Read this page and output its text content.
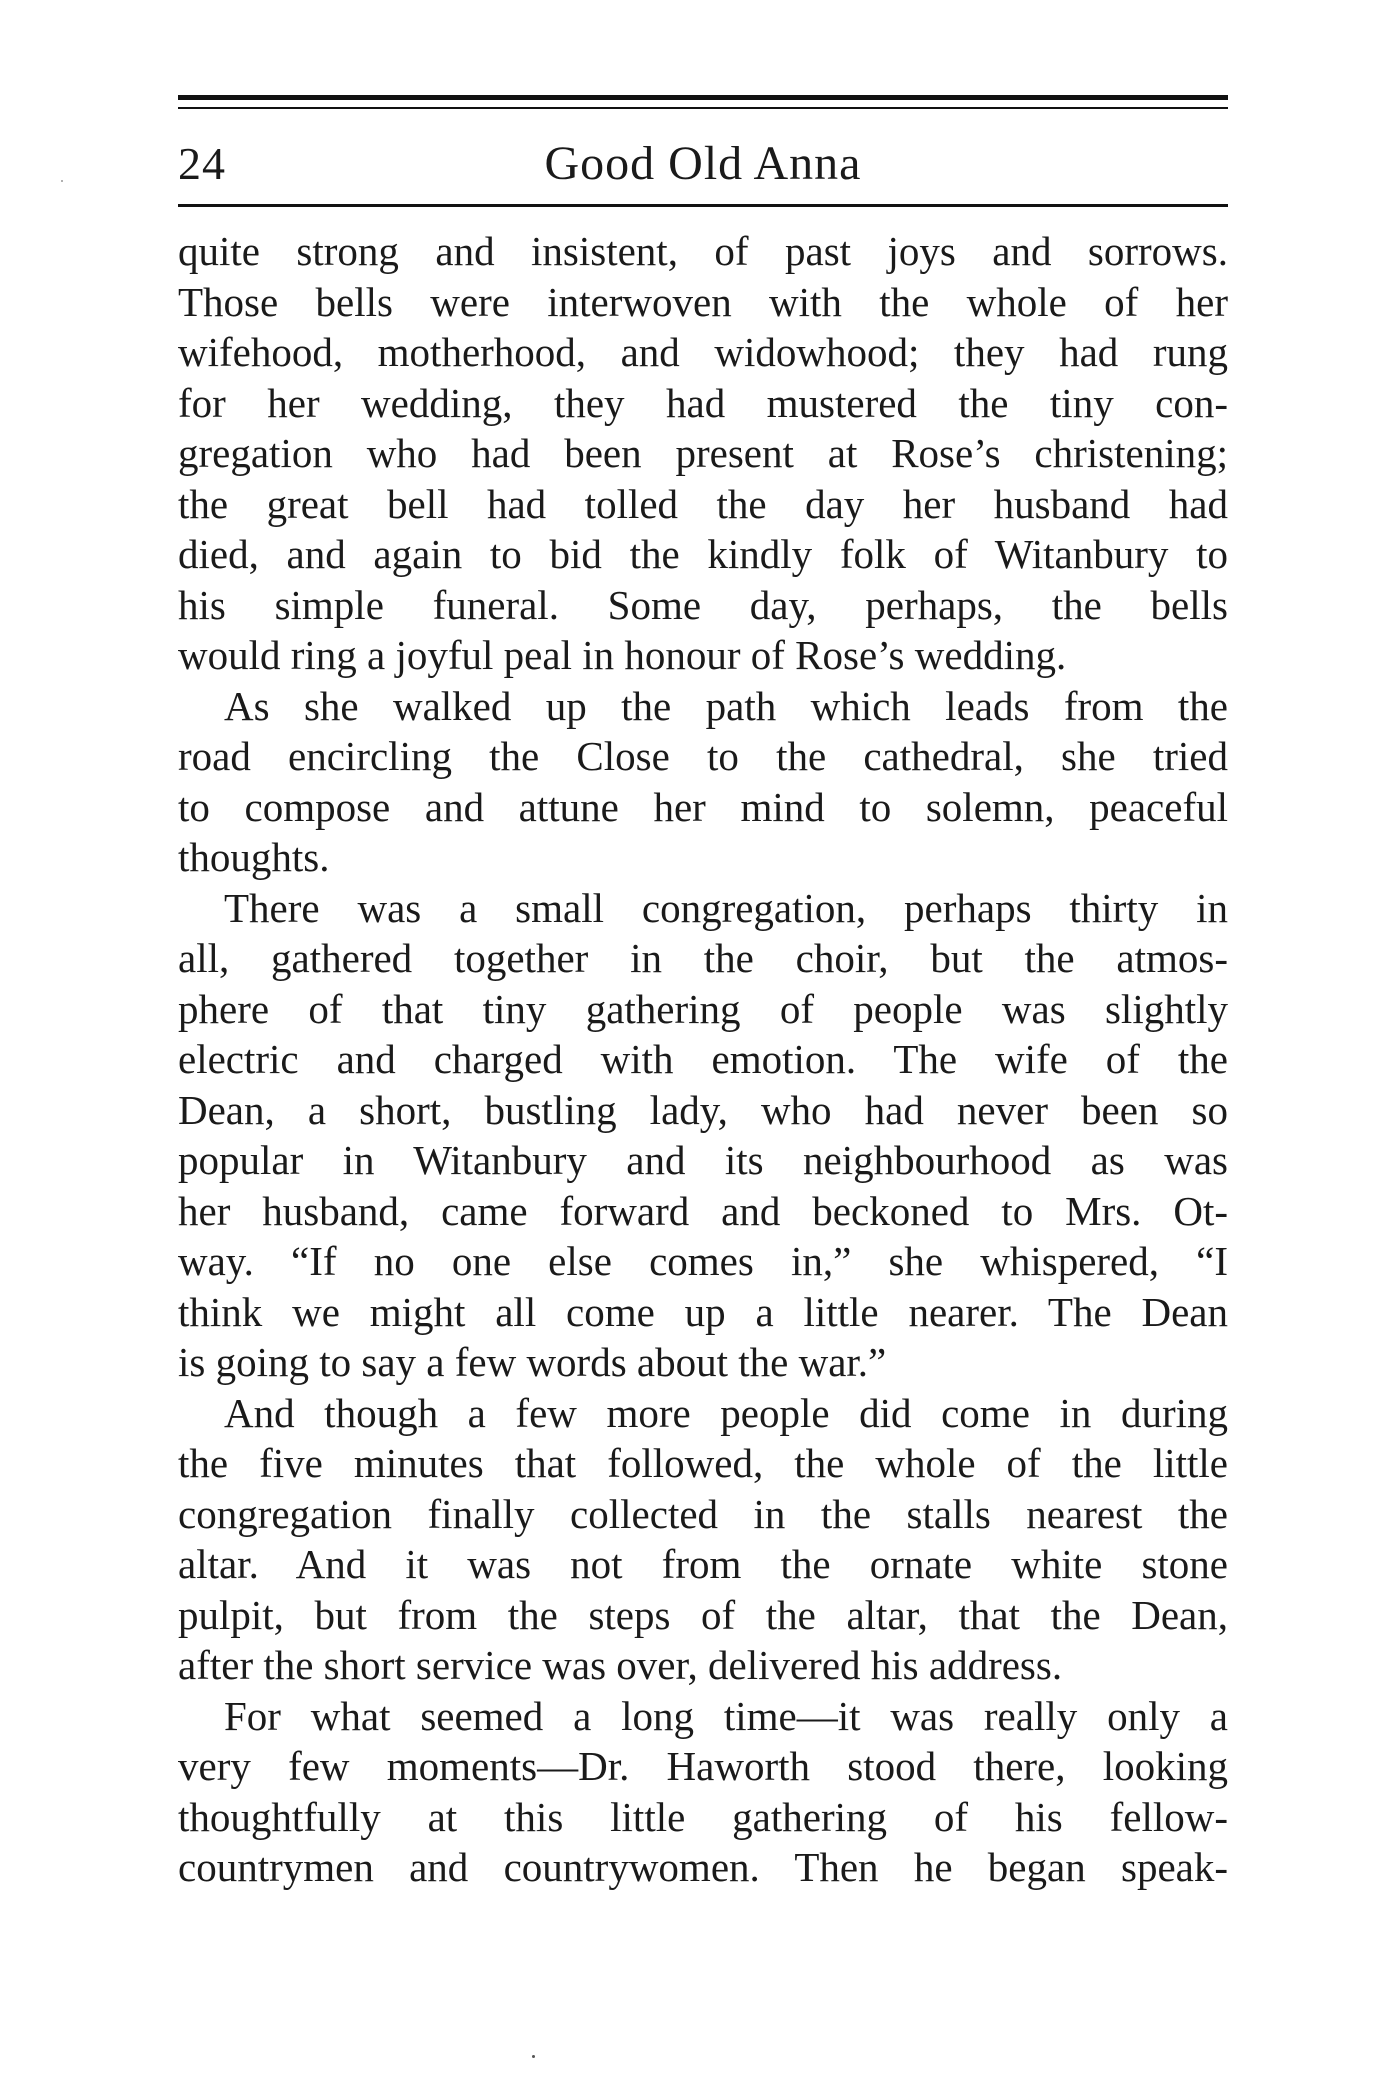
24	Good Old Anna
quite strong and insistent, of past joys and sorrows.
Those bells were interwoven with the whole of her
wifehood, motherhood, and widowhood; they had rung
for her wedding, they had mustered the tiny con-
gregation who had been present at Rose’s christening;
the great bell had tolled the day her husband had
died, and again to bid the kindly folk of Witanbury to
his simple funeral. Some day, perhaps, the bells
would ring a joyful peal in honour of Rose’s wedding.
As she walked up the path which leads from the
road encircling the Close to the cathedral, she tried
to compose and attune her mind to solemn, peaceful
thoughts.
There was a small congregation, perhaps thirty in
all, gathered together in the choir, but the atmos-
phere of that tiny gathering of people was slightly
electric and charged with emotion. The wife of the
Dean, a short, bustling lady, who had never been so
popular in Witanbury and its neighbourhood as was
her husband, came forward and beckoned to Mrs. Ot-
way. “If no one else comes in,” she whispered, “I
think we might all come up a little nearer. The Dean
is going to say a few words about the war.”
And though a few more people did come in during
the five minutes that followed, the whole of the little
congregation finally collected in the stalls nearest the
altar. And it was not from the ornate white stone
pulpit, but from the steps of the altar, that the Dean,
after the short service was over, delivered his address.
For what seemed a long time—it was really only a
very few moments—Dr. Haworth stood there, looking
thoughtfully at this little gathering of his fellow-
countrymen and countrywomen. Then he began speak-
